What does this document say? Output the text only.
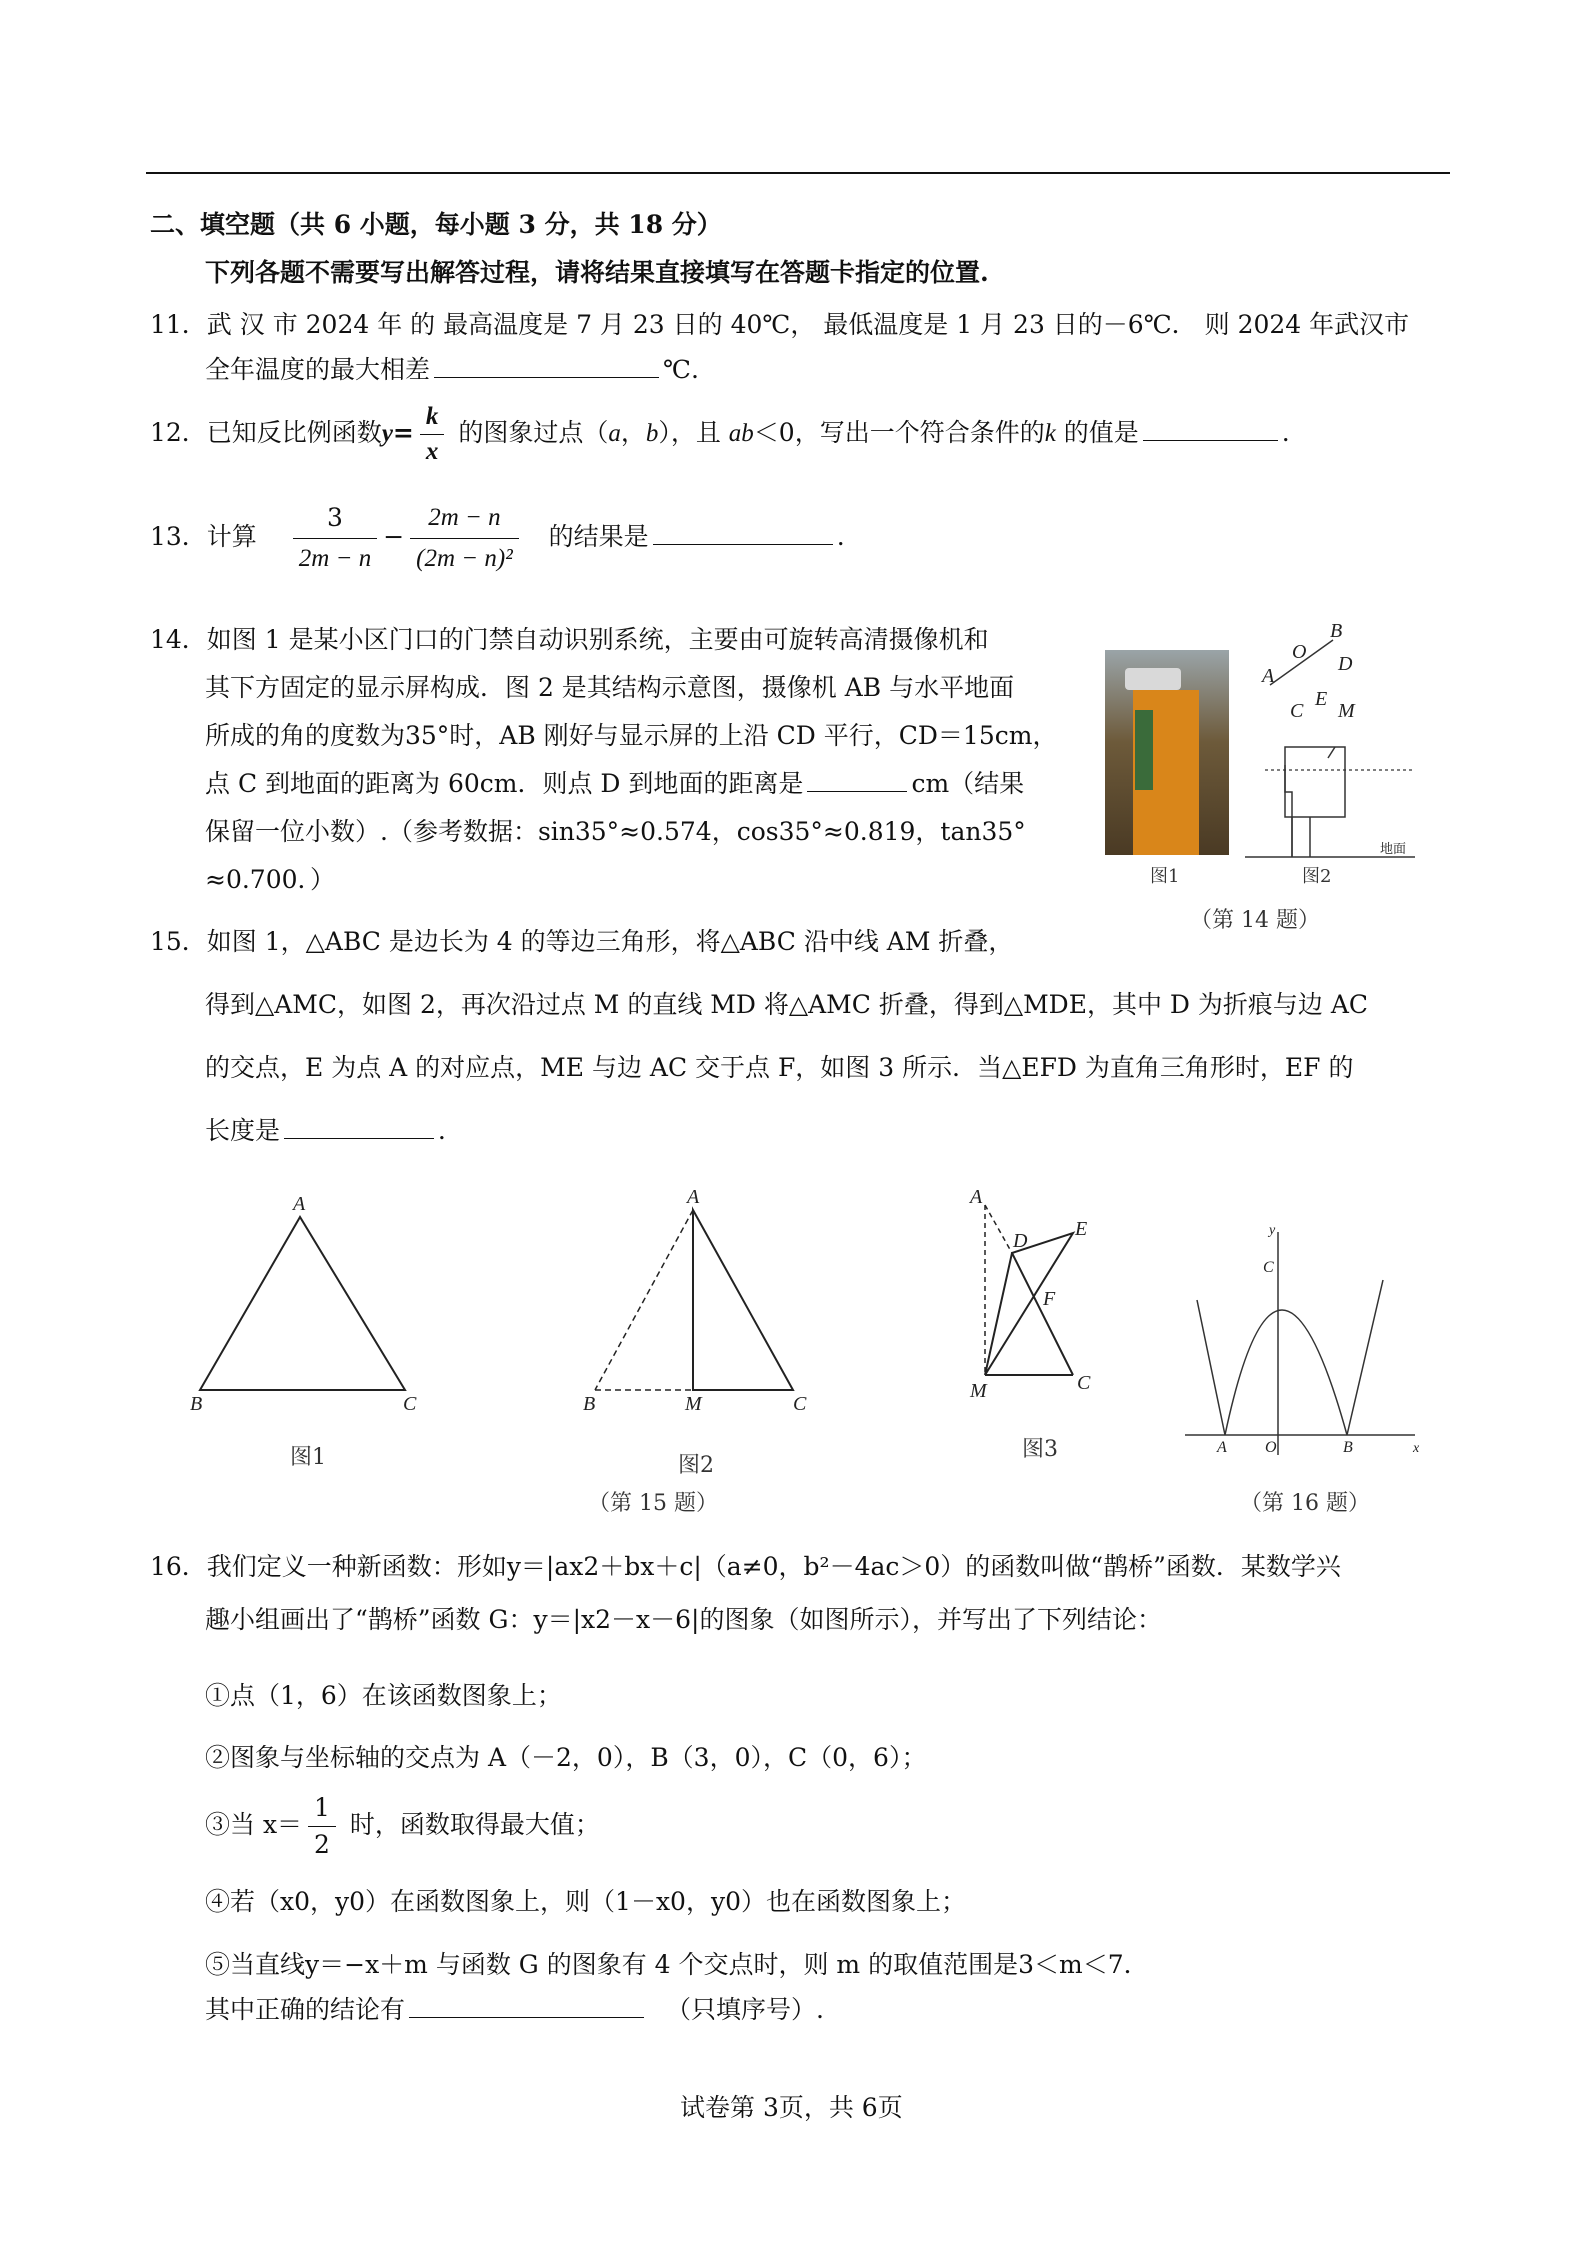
二、填空题（共 6 小题，每小题 3 分，共 18 分）
下列各题不需要写出解答过程，请将结果直接填写在答题卡指定的位置.
11．武 汉 市 2024 年 的 最高温度是 7 月 23 日的 40℃， 最低温度是 1 月 23 日的－6℃． 则 2024 年武汉市
全年温度的最大相差	℃.
12．已知反比例函数$y= \frac{k}{x}$ 的图象过点（a，b），且 ab＜0，写出一个符合条件的k 的值是	.
13．计算 $\frac{3}{2m - n} - \frac{2m - n}{\text{(2m − n)²}}$ 的结果是	.
14．如图 1 是某小区门口的门禁自动识别系统，主要由可旋转高清摄像机和
其下方固定的显示屏构成．图 2 是其结构示意图，摄像机 AB 与水平地面
所成的角的度数为35°时，AB 刚好与显示屏的上沿 CD 平行，CD＝15cm，
点 C 到地面的距离为 60cm．则点 D 到地面的距离是	cm（结果
保留一位小数）.（参考数据：sin35°≈0.574，cos35°≈0.819，tan35°
≈0.700．）	图1
A
B
O
D
C
E
M
地面
图2
（第 14 题）
15．如图 1，△ABC 是边长为 4 的等边三角形，将△ABC 沿中线 AM 折叠，
得到△AMC，如图 2，再次沿过点 M 的直线 MD 将△AMC 折叠，得到△MDE，其中 D 为折痕与边 AC
的交点，E 为点 A 的对应点，ME 与边 AC 交于点 F，如图 3 所示．当△EFD 为直角三角形时，EF 的
长度是	．
A
B	C
图1
A
B	M	C
图2
A
D
E
F
M	C
图3
（第 15 题）
y
x
C
A O	B
（第 16 题）
16．我们定义一种新函数：形如y＝|ax2＋bx＋c|（a≠0，b²－4ac＞0）的函数叫做“鹊桥”函数．某数学兴
趣小组画出了“鹊桥”函数 G：y＝|x2－x－6|的图象（如图所示），并写出了下列结论：
①点（1，6）在该函数图象上；
②图象与坐标轴的交点为 A（－2，0），B（3，0），C（0，6）；
③当 $x= \frac{1}{2}$ 时，函数取得最大值；
④若（x0，y0）在函数图象上，则（1－x0，y0）也在函数图象上；
⑤当直线y＝−x＋m 与函数 G 的图象有 4 个交点时，则 m 的取值范围是3＜m＜7．
其中正确的结论有	（只填序号）.
试卷第 3页，共 6页
